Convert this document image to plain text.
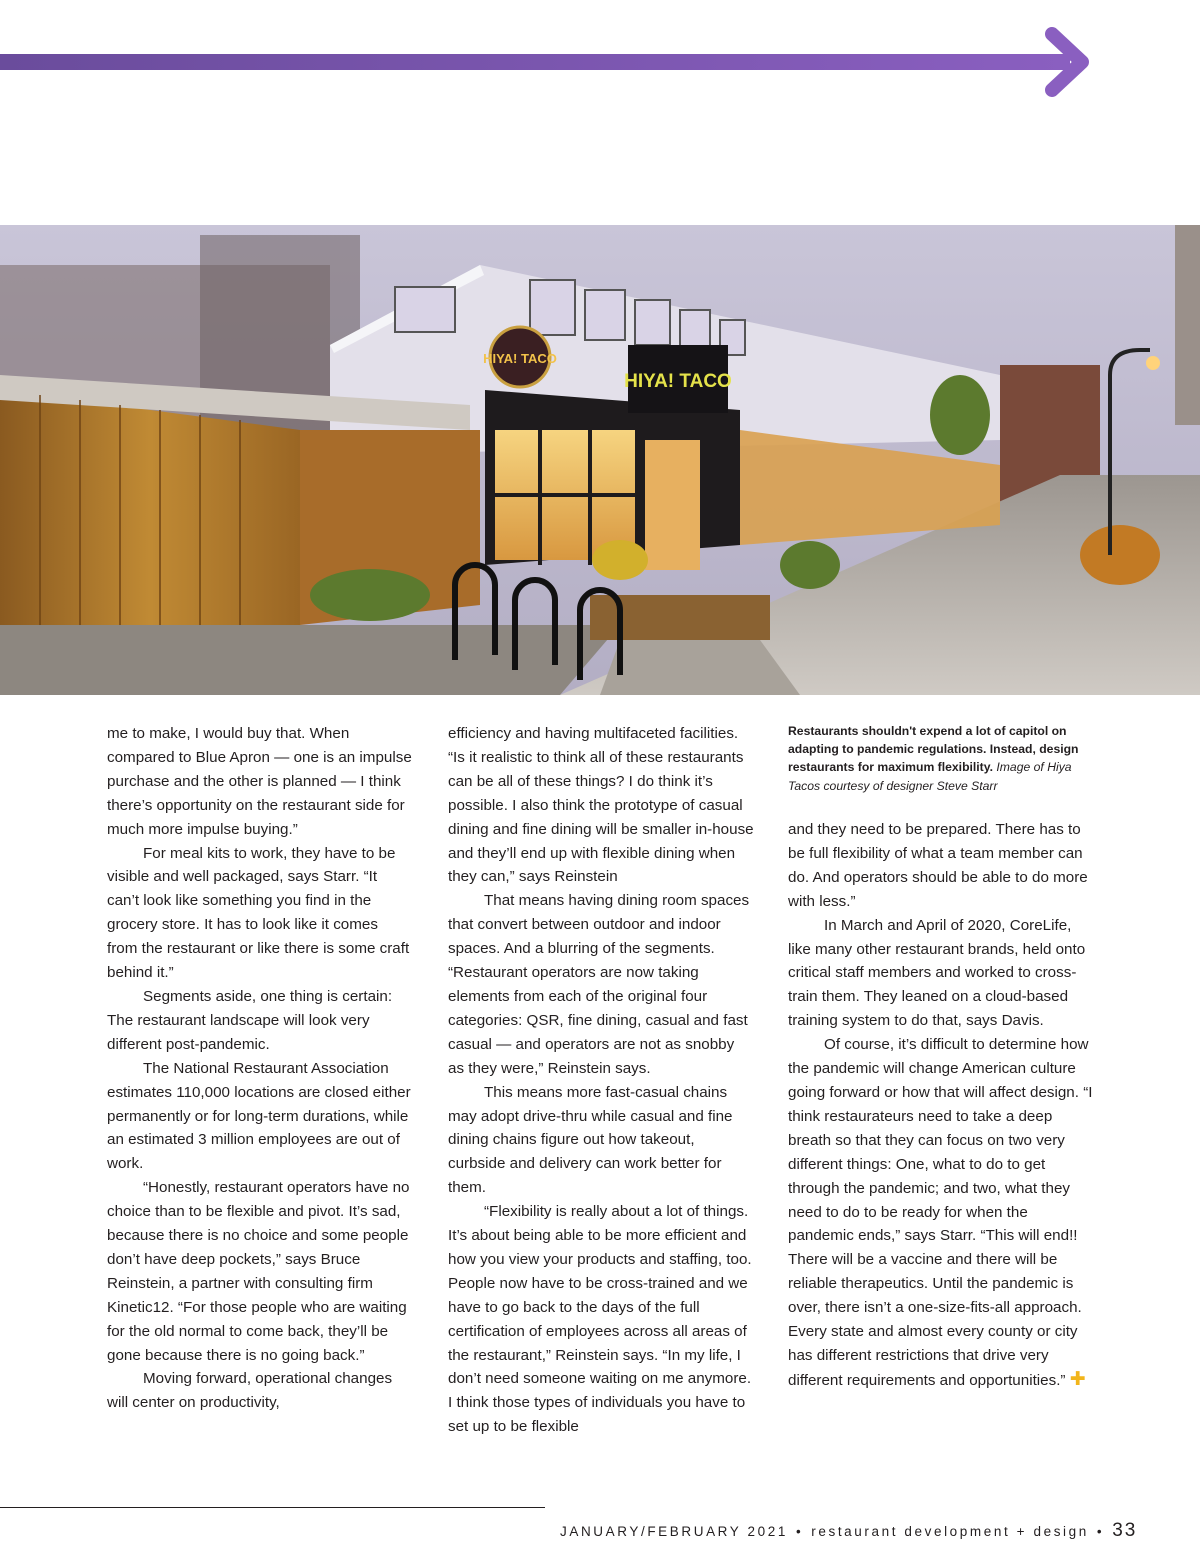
HIYA! TACO
HIYA! TACO

me to make, I would buy that. When compared to Blue Apron — one is an impulse purchase and the other is planned — I think there’s opportunity on the restaurant side for much more impulse buying.”

For meal kits to work, they have to be visible and well packaged, says Starr. “It can’t look like something you find in the grocery store. It has to look like it comes from the restaurant or like there is some craft behind it.”

Segments aside, one thing is certain: The restaurant landscape will look very different post-pandemic.

The National Restaurant Association estimates 110,000 locations are closed either permanently or for long-term durations, while an estimated 3 million employees are out of work.

“Honestly, restaurant operators have no choice than to be flexible and pivot. It’s sad, because there is no choice and some people don’t have deep pockets,” says Bruce Reinstein, a partner with consulting firm Kinetic12. “For those people who are waiting for the old normal to come back, they’ll be gone because there is no going back.”

Moving forward, operational changes will center on productivity,

efficiency and having multifaceted facilities. “Is it realistic to think all of these restaurants can be all of these things? I do think it’s possible. I also think the prototype of casual dining and fine dining will be smaller in-house and they’ll end up with flexible dining when they can,” says Reinstein

That means having dining room spaces that convert between outdoor and indoor spaces. And a blurring of the segments. “Restaurant operators are now taking elements from each of the original four categories: QSR, fine dining, casual and fast casual — and operators are not as snobby as they were,” Reinstein says.

This means more fast-casual chains may adopt drive-thru while casual and fine dining chains figure out how takeout, curbside and delivery can work better for them.

“Flexibility is really about a lot of things. It’s about being able to be more efficient and how you view your products and staffing, too. People now have to be cross-trained and we have to go back to the days of the full certification of employees across all areas of the restaurant,” Reinstein says. “In my life, I don’t need someone waiting on me anymore. I think those types of individuals you have to set up to be flexible

Restaurants shouldn't expend a lot of capitol on adapting to pandemic regulations. Instead, design restaurants for maximum flexibility. Image of Hiya Tacos courtesy of designer Steve Starr

and they need to be prepared. There has to be full flexibility of what a team member can do. And operators should be able to do more with less.”

In March and April of 2020, CoreLife, like many other restaurant brands, held onto critical staff members and worked to cross-train them. They leaned on a cloud-based training system to do that, says Davis.

Of course, it’s difficult to determine how the pandemic will change American culture going forward or how that will affect design. “I think restaurateurs need to take a deep breath so that they can focus on two very different things: One, what to do to get through the pandemic; and two, what they need to do to be ready for when the pandemic ends,” says Starr. “This will end!! There will be a vaccine and there will be reliable therapeutics. Until the pandemic is over, there isn’t a one-size-fits-all approach. Every state and almost every county or city has different restrictions that drive very different requirements and opportunities.” ✚

JANUARY/FEBRUARY 2021 • restaurant development + design • 33
